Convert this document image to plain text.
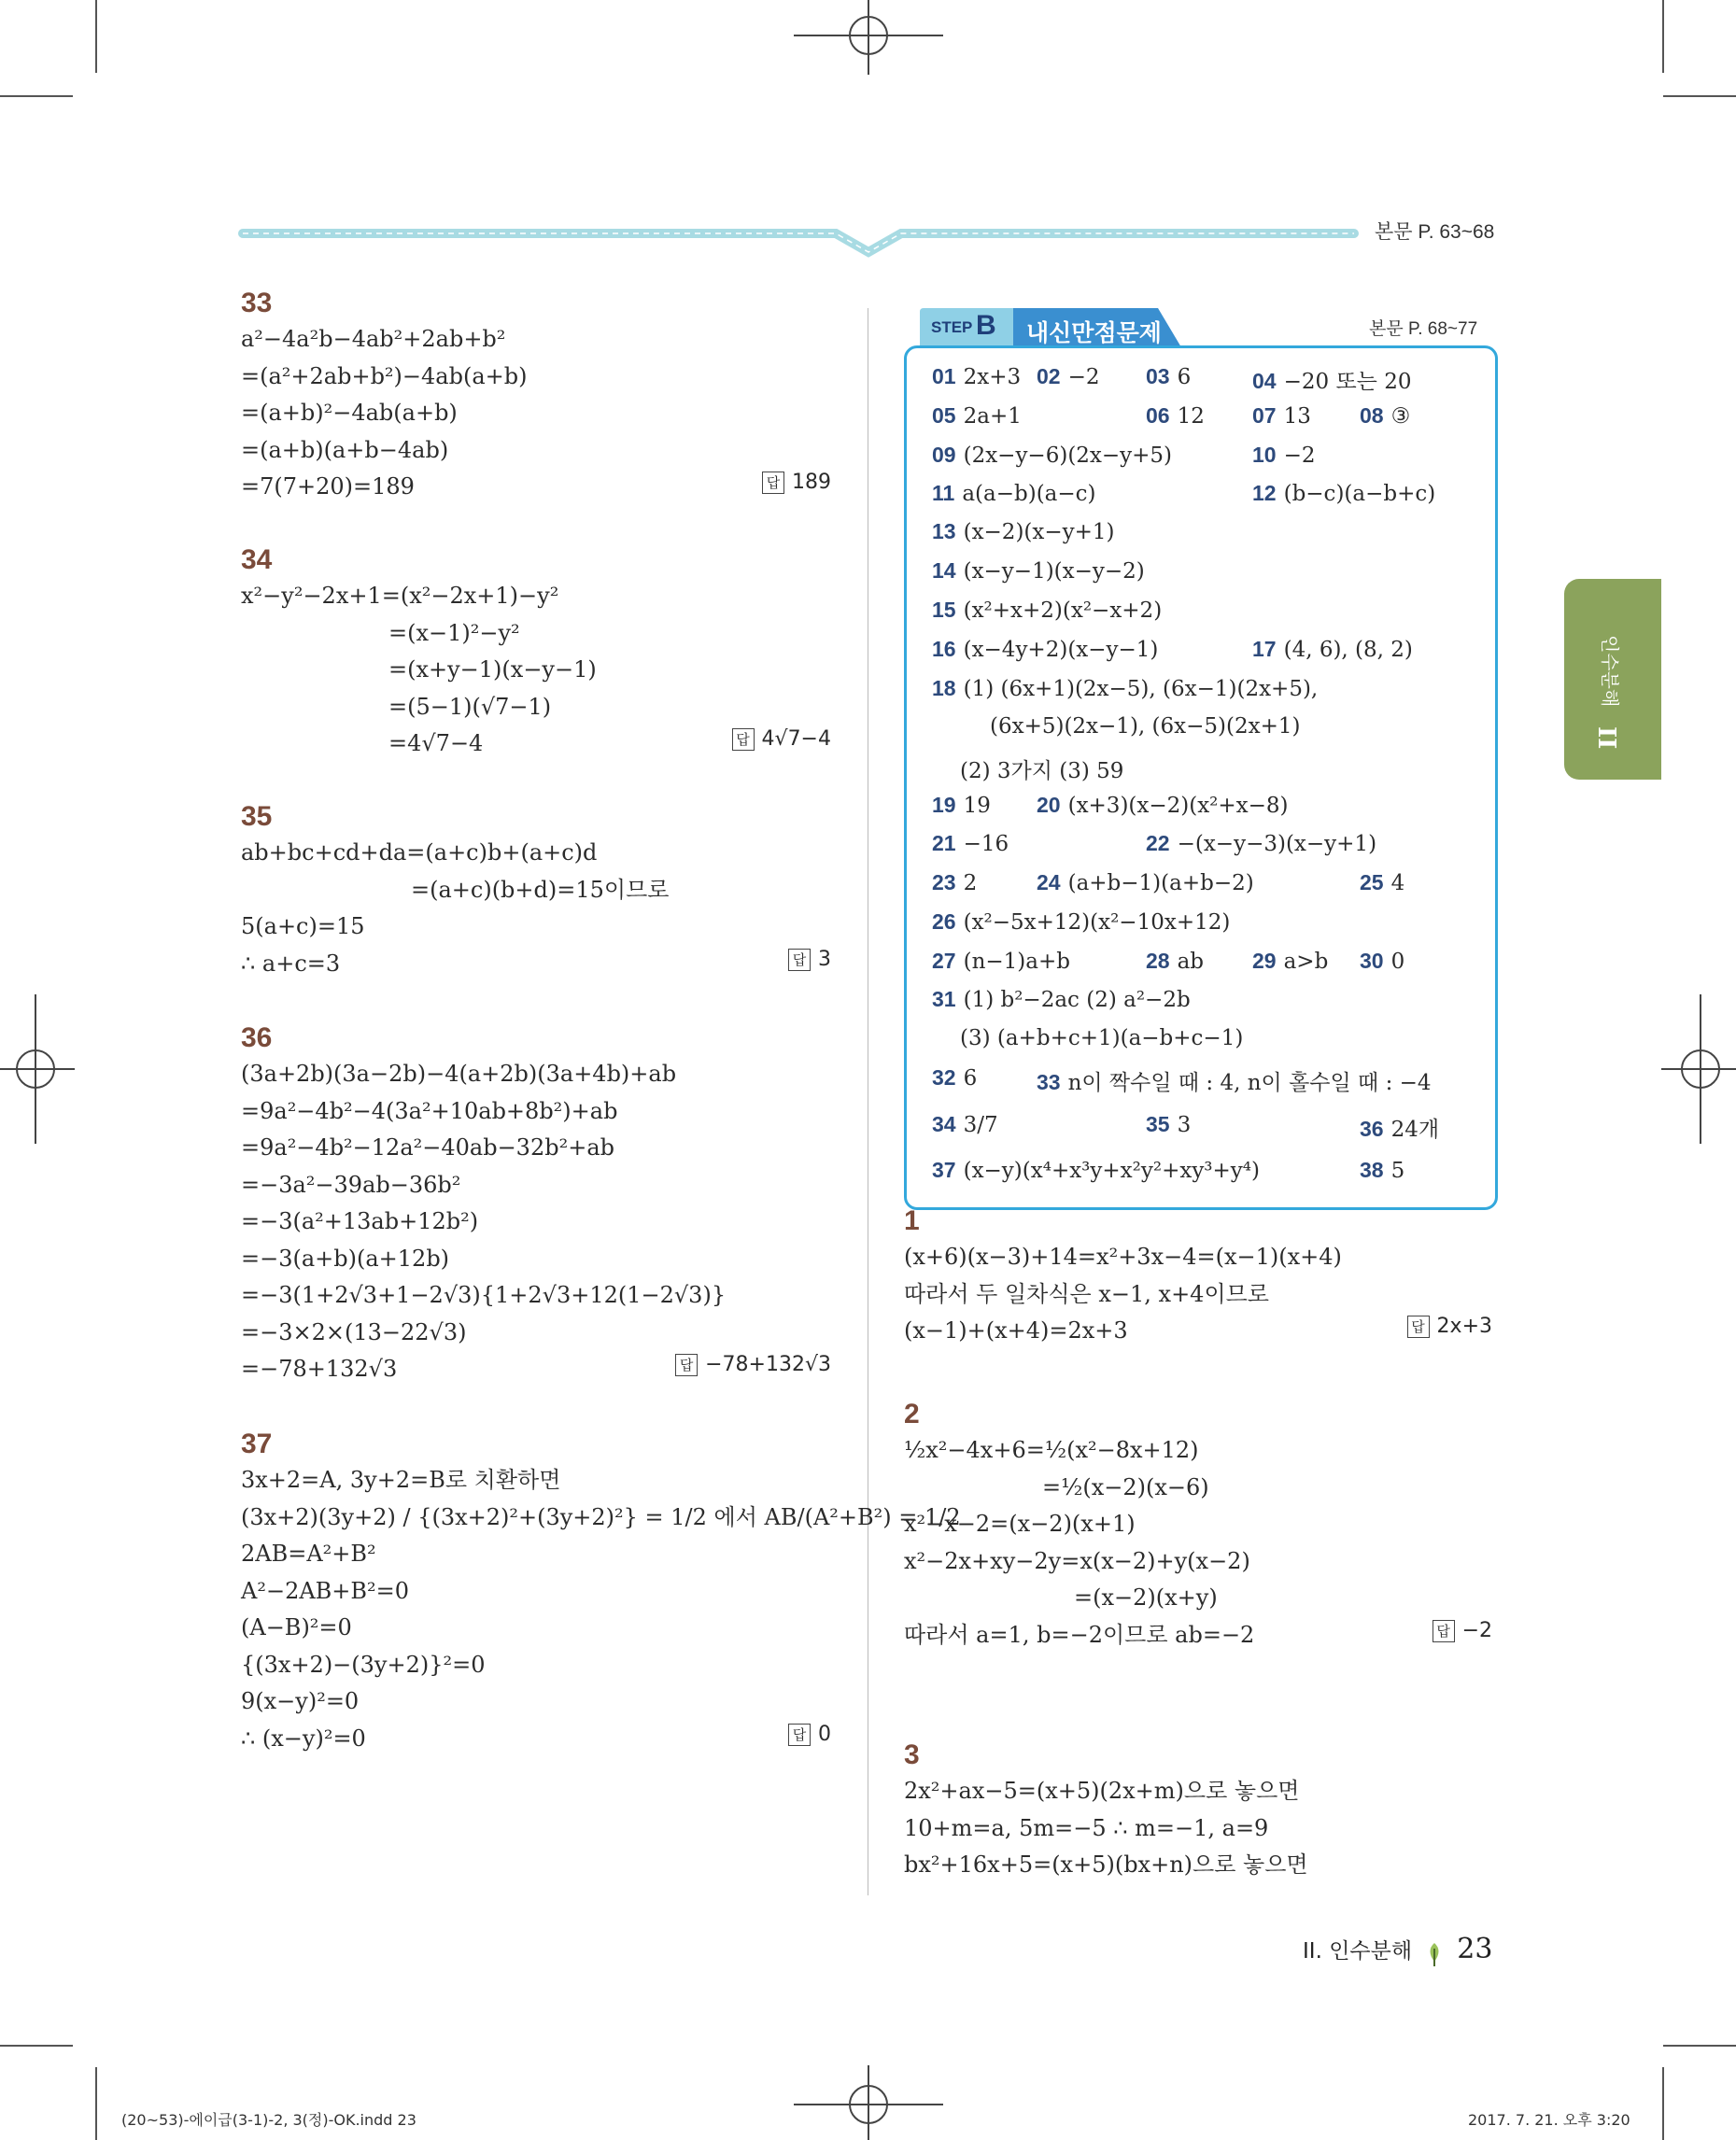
본문 P. 63~68
33
a²−4a²b−4ab²+2ab+b²
=(a²+2ab+b²)−4ab(a+b)
=(a+b)²−4ab(a+b)
=(a+b)(a+b−4ab)
=7(7+20)=189	답 189
34
x²−y²−2x+1=(x²−2x+1)−y²
=(x−1)²−y²
=(x+y−1)(x−y−1)
=(5−1)(√7−1)
=4√7−4	답 4√7−4
35
ab+bc+cd+da=(a+c)b+(a+c)d
=(a+c)(b+d)=15이므로
5(a+c)=15
∴ a+c=3	답 3
36
(3a+2b)(3a−2b)−4(a+2b)(3a+4b)+ab
=9a²−4b²−4(3a²+10ab+8b²)+ab
=9a²−4b²−12a²−40ab−32b²+ab
=−3a²−39ab−36b²
=−3(a²+13ab+12b²)
=−3(a+b)(a+12b)
=−3(1+2√3+1−2√3){1+2√3+12(1−2√3)}
=−3×2×(13−22√3)
=−78+132√3	답 −78+132√3
37
3x+2=A, 3y+2=B로 치환하면
(3x+2)(3y+2) / {(3x+2)²+(3y+2)²} = 1/2 에서 AB/(A²+B²) = 1/2
2AB=A²+B²
A²−2AB+B²=0
(A−B)²=0
{(3x+2)−(3y+2)}²=0
9(x−y)²=0
∴ (x−y)²=0	답 0
STEP B 내신만점문제	본문 P. 68~77
01 2x+3 02 −2 03 6	04 −20 또는 20
05 2a+1	06 12 07 13 08 ③
09 (2x−y−6)(2x−y+5)	10 −2
11 a(a−b)(a−c)	12 (b−c)(a−b+c)
13 (x−2)(x−y+1)
14 (x−y−1)(x−y−2)
15 (x²+x+2)(x²−x+2)
16 (x−4y+2)(x−y−1)	17 (4, 6), (8, 2)
18 (1) (6x+1)(2x−5), (6x−1)(2x+5),
(6x+5)(2x−1), (6x−5)(2x+1)
(2) 3가지 (3) 59
19 19 20 (x+3)(x−2)(x²+x−8)
21 −16	22 −(x−y−3)(x−y+1)
23 2	24 (a+b−1)(a+b−2)	25 4
26 (x²−5x+12)(x²−10x+12)
27 (n−1)a+b	28 ab 29 a>b 30 0
31 (1) b²−2ac (2) a²−2b
(3) (a+b+c+1)(a−b+c−1)
32 6	33 n이 짝수일 때 : 4, n이 홀수일 때 : −4
34 3/7	35 3	36 24개
37 (x−y)(x⁴+x³y+x²y²+xy³+y⁴)	38 5
1
(x+6)(x−3)+14=x²+3x−4=(x−1)(x+4)
따라서 두 일차식은 x−1, x+4이므로
(x−1)+(x+4)=2x+3	답 2x+3
2
½x²−4x+6=½(x²−8x+12)
=½(x−2)(x−6)
x²−x−2=(x−2)(x+1)
x²−2x+xy−2y=x(x−2)+y(x−2)
=(x−2)(x+y)
따라서 a=1, b=−2이므로 ab=−2	답 −2
3
2x²+ax−5=(x+5)(2x+m)으로 놓으면
10+m=a, 5m=−5 ∴ m=−1, a=9
bx²+16x+5=(x+5)(bx+n)으로 놓으면
인수분해
II
II. 인수분해 23
(20~53)-에이급(3-1)-2, 3(정)-OK.indd 23	2017. 7. 21. 오후 3:20
